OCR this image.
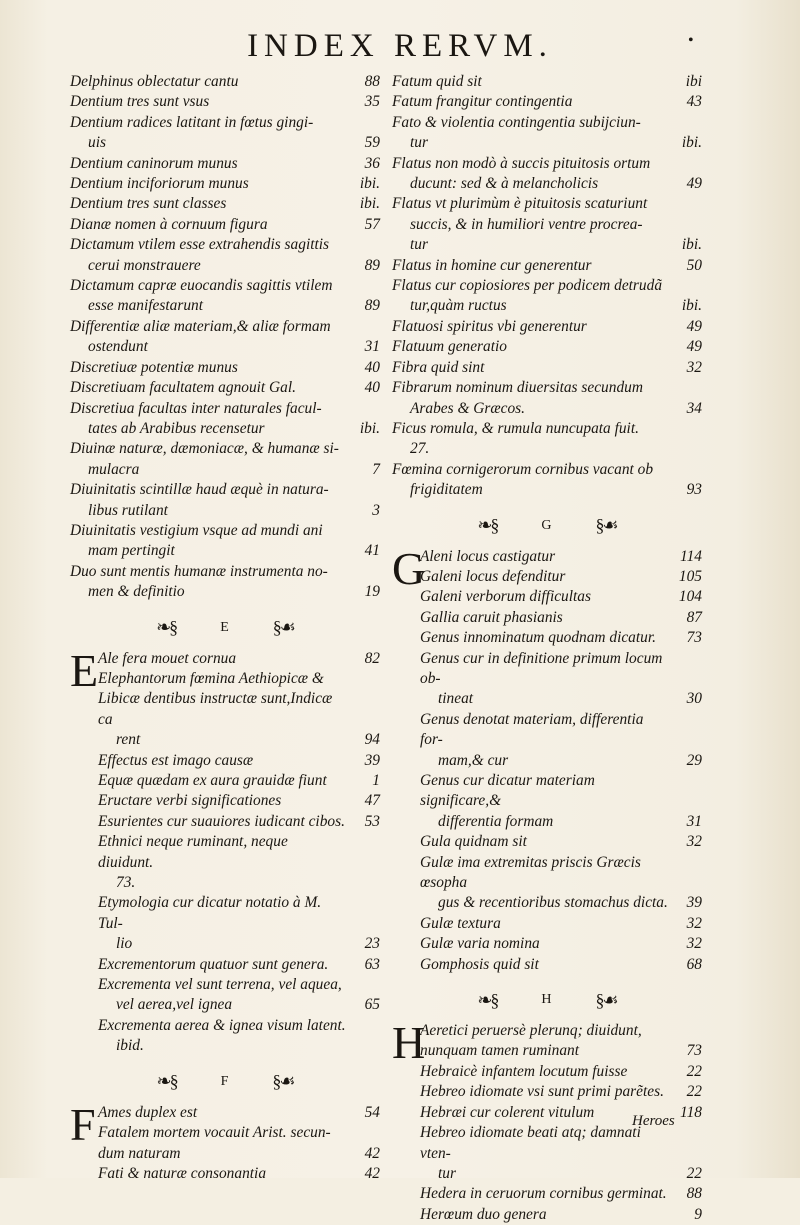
INDEX RERVM.	•
Delphinus oblectatur cantu	88
Dentium tres sunt vsus	35
Dentium radices latitant in fœtus gingi-
uis	59
Dentium caninorum munus	36
Dentium inciforiorum munus	ibi.
Dentium tres sunt classes	ibi.
Dianæ nomen à cornuum figura	57
Dictamum vtilem esse extrahendis sagittis
cerui monstrauere	89
Dictamum capræ euocandis sagittis vtilem
esse manifestarunt	89
Differentiæ aliæ materiam,& aliæ formam
ostendunt	31
Discretiuæ potentiæ munus	40
Discretiuam facultatem agnouit Gal.	40
Discretiua facultas inter naturales facul-
tates ab Arabibus recensetur	ibi.
Diuinæ naturæ, dæmoniacæ, & humanæ si-
mulacra	7
Diuinitatis scintillæ haud æquè in natura-
libus rutilant	3
Diuinitatis vestigium vsque ad mundi ani
mam pertingit	41
Duo sunt mentis humanæ instrumenta no-
men & definitio	19
❧§	E §☙
E Ale fera mouet cornua	82
Elephantorum fœmina Aethiopicæ &
Libicæ dentibus instructæ sunt,Indicæ ca
rent	94
Effectus est imago causæ	39
Equæ quædam ex aura grauidæ fiunt	1
Eructare verbi significationes	47
Esurientes cur suauiores iudicant cibos.	53
Ethnici neque ruminant, neque diuidunt.
73.
Etymologia cur dicatur notatio à M. Tul-
lio	23
Excrementorum quatuor sunt genera.	63
Excrementa vel sunt terrena, vel aquea,
vel aerea,vel ignea	65
Excrementa aerea & ignea visum latent.
ibid.
❧§	F §☙
F Ames duplex est	54
Fatalem mortem vocauit Arist. secun-
dum naturam	42
Fati & naturæ consonantia	42
Fatum quid sit	ibi
Fatum frangitur contingentia	43
Fato & violentia contingentia subijciun-
tur	ibi.
Flatus non modò à succis pituitosis ortum
ducunt: sed & à melancholicis	49
Flatus vt plurimùm è pituitosis scaturiunt
succis, & in humiliori ventre procrea-
tur	ibi.
Flatus in homine cur generentur	50
Flatus cur copiosiores per podicem detrudã
tur,quàm ructus	ibi.
Flatuosi spiritus vbi generentur	49
Flatuum generatio	49
Fibra quid sint	32
Fibrarum nominum diuersitas secundum
Arabes & Græcos.	34
Ficus romula, & rumula nuncupata fuit.
27.
Fœmina cornigerorum cornibus vacant ob
frigiditatem	93
❧§	G §☙
G
Aleni locus castigatur	114
Galeni locus defenditur	105
Galeni verborum difficultas	104
Gallia caruit phasianis	87
Genus innominatum quodnam dicatur.	73
Genus cur in definitione primum locum ob-
tineat	30
Genus denotat materiam, differentia for-
mam,& cur	29
Genus cur dicatur materiam significare,&
differentia formam	31
Gula quidnam sit	32
Gulæ ima extremitas priscis Græcis œsopha
gus & recentioribus stomachus dicta.	39
Gulæ textura	32
Gulæ varia nomina	32
Gomphosis quid sit	68
❧§	H §☙
H
Aeretici peruersè plerunq; diuidunt,
nunquam tamen ruminant	73
Hebraicè infantem locutum fuisse	22
Hebreo idiomate vsi sunt primi parẽtes.	22
Hebræi cur colerent vitulum	118
Hebreo idiomate beati atq; damnati vten-
tur	22
Hedera in ceruorum cornibus germinat.	88
Herœum duo genera	9
Heroes
